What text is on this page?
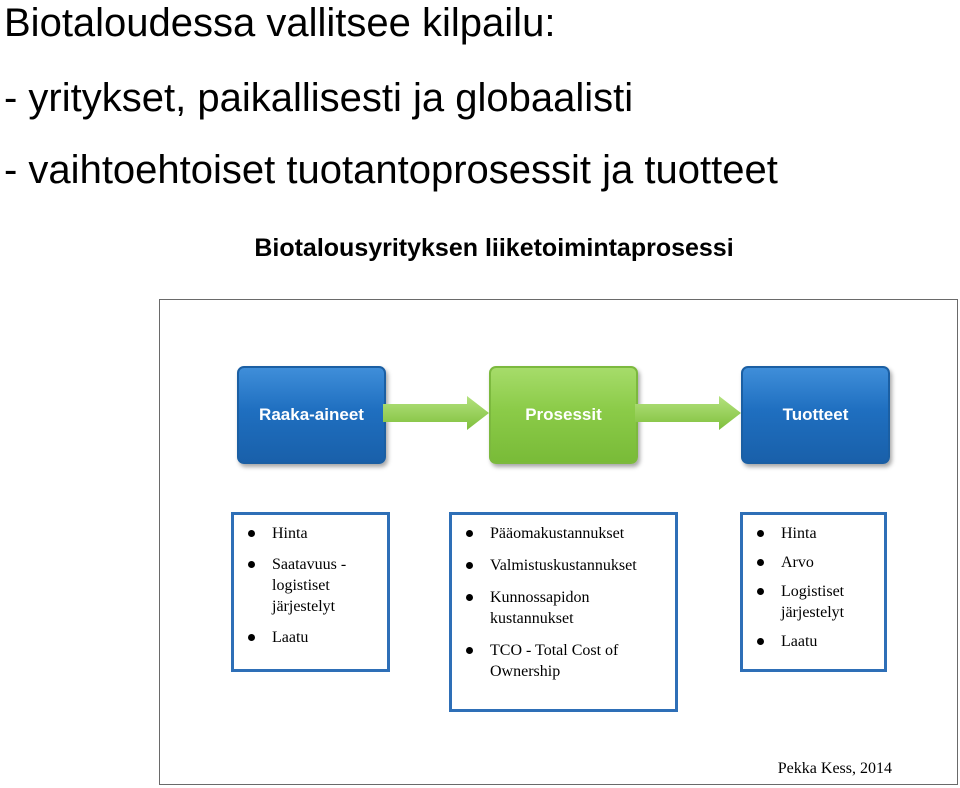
Biotaloudessa vallitsee kilpailu:

- yritykset, paikallisesti ja globaalisti

- vaihtoehtoiset tuotantoprosessit ja tuotteet

Biotalousyrityksen liiketoimintaprosessi
Raaka-aineet	Prosessit	Tuotteet
Hinta
Saatavuus -
logistiset
järjestelyt
Laatu
Pääomakustannukset
Valmistuskustannukset
Kunnossapidon
kustannukset
TCO - Total Cost of
Ownership
Hinta
Arvo
Logistiset
järjestelyt
Laatu
Pekka Kess, 2014
